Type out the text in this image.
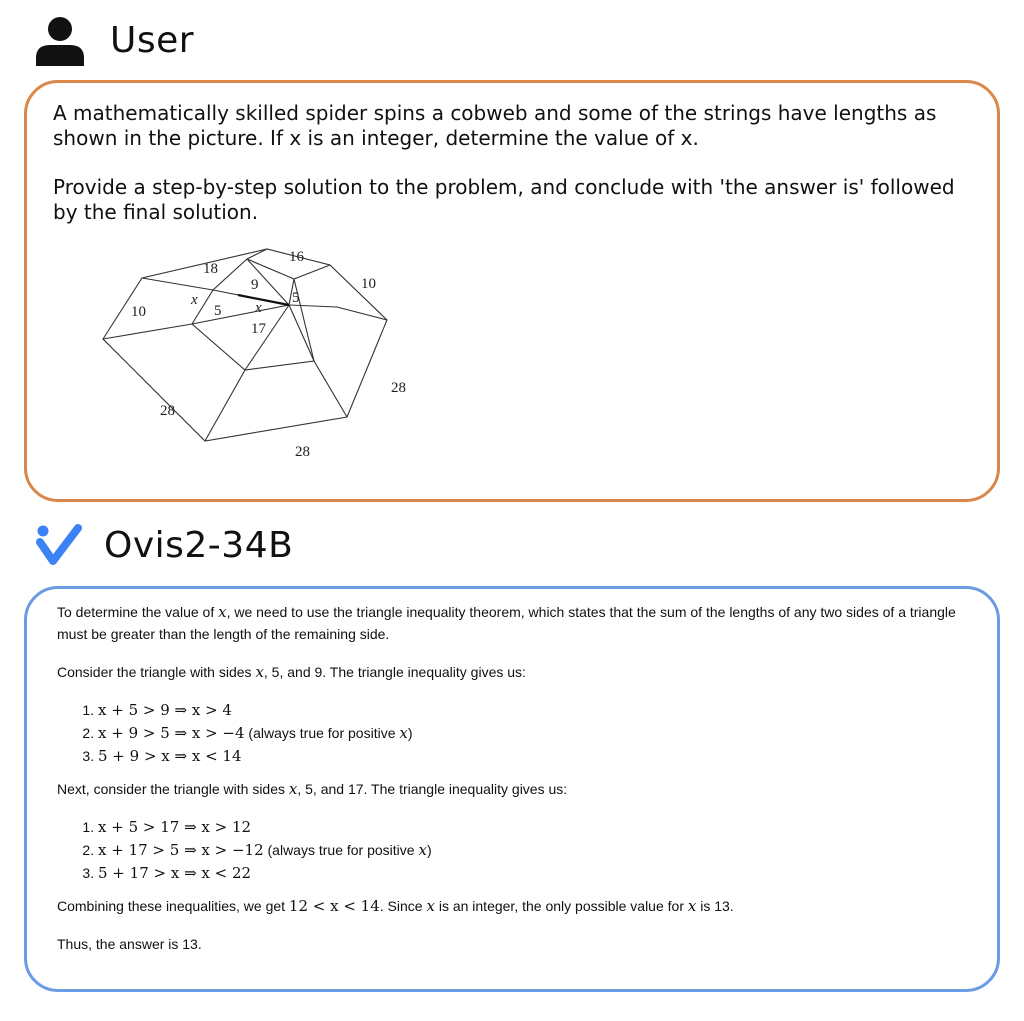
User

A mathematically skilled spider spins a cobweb and some of the strings have lengths as shown in the picture. If x is an integer, determine the value of x.

Provide a step-by-step solution to the problem, and conclude with 'the answer is' followed by the final solution.

18
16
10
10
9
x	x
5
5
17
28
28
28
Ovis2-34B

To determine the value of x, we need to use the triangle inequality theorem, which states that the sum of the lengths of any two sides of a triangle must be greater than the length of the remaining side.

Consider the triangle with sides x, 5, and 9. The triangle inequality gives us:

1. x + 5 > 9 ⇒ x > 4
2. x + 9 > 5 ⇒ x > −4 (always true for positive x)
3. 5 + 9 > x ⇒ x < 14

Next, consider the triangle with sides x, 5, and 17. The triangle inequality gives us:

1. x + 5 > 17 ⇒ x > 12
2. x + 17 > 5 ⇒ x > −12 (always true for positive x)
3. 5 + 17 > x ⇒ x < 22

Combining these inequalities, we get 12 < x < 14. Since x is an integer, the only possible value for x is 13.

Thus, the answer is 13.
